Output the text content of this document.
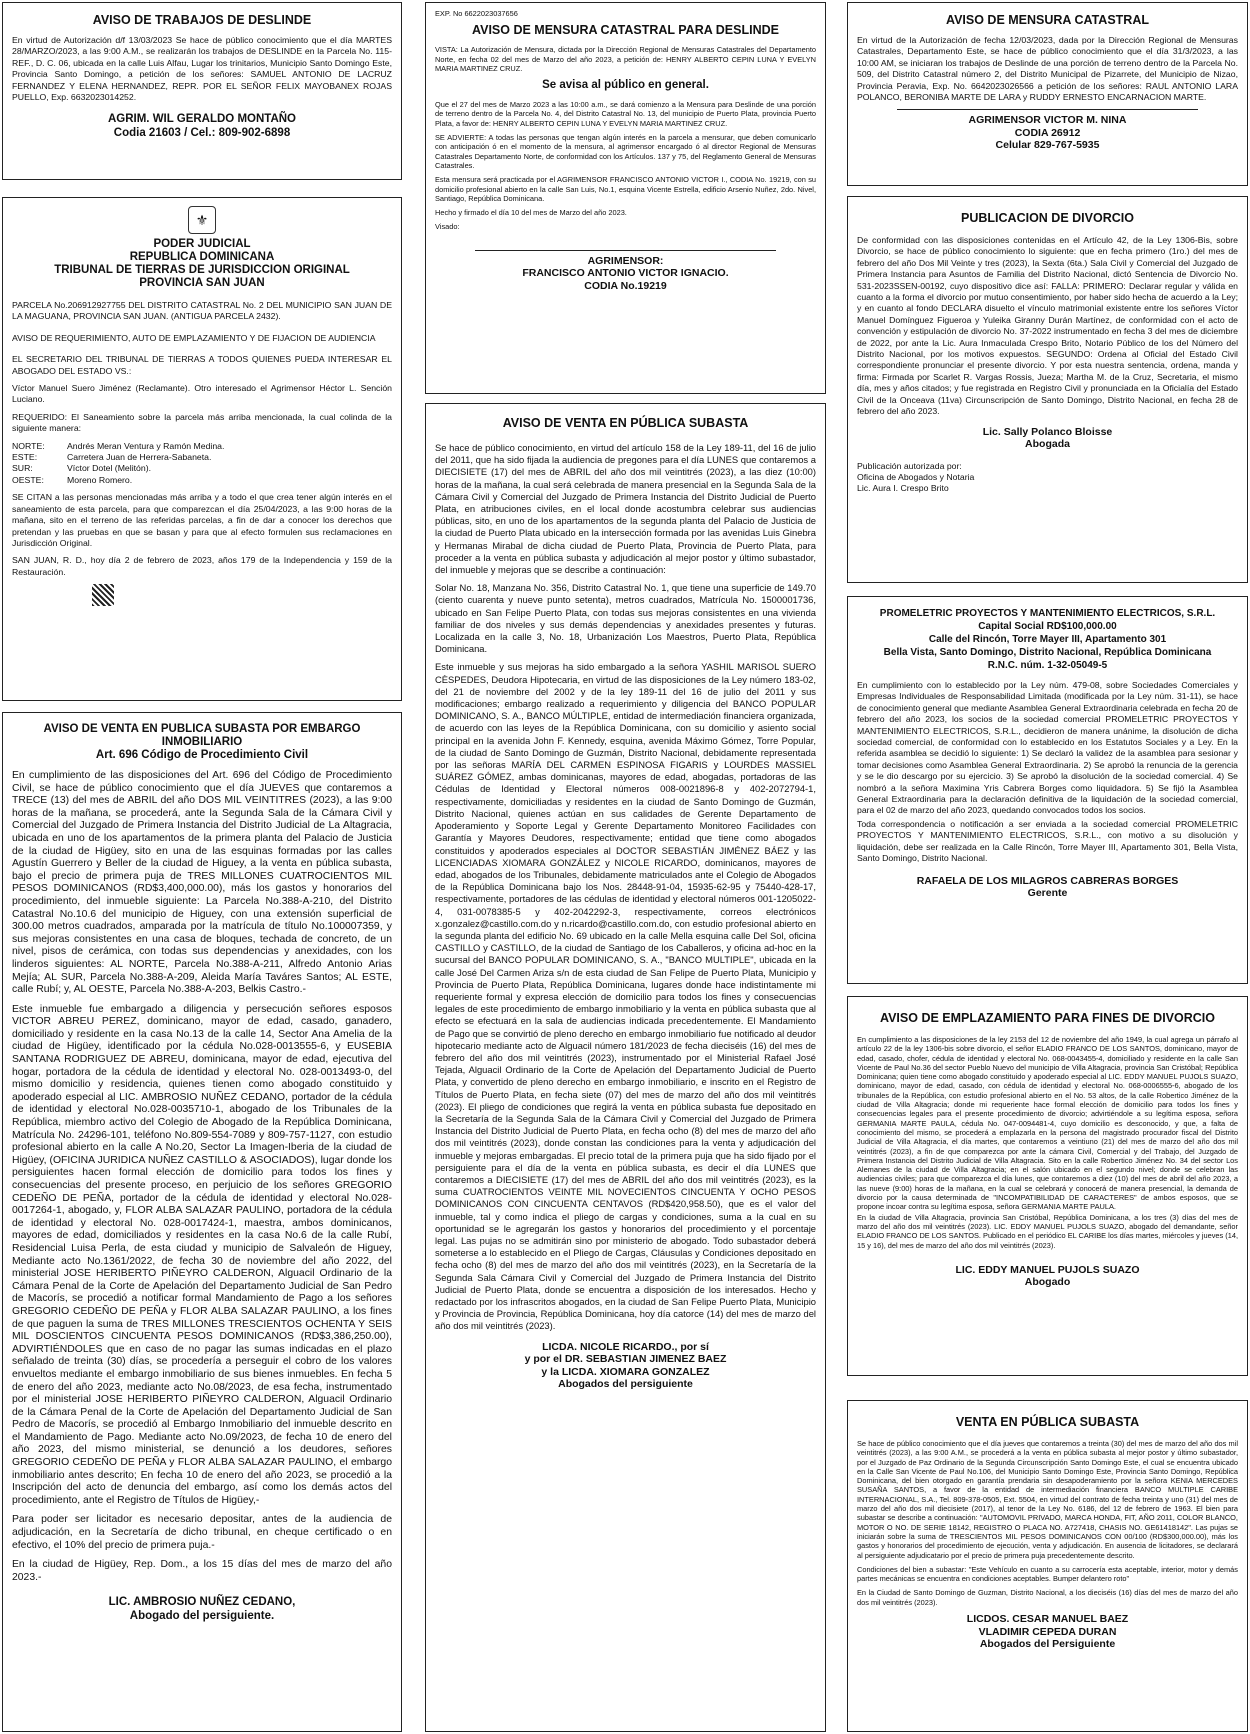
AVISO DE TRABAJOS DE DESLINDE

En virtud de Autorización d/f 13/03/2023 Se hace de público conocimiento que el día MARTES 28/MARZO/2023, a las 9:00 A.M., se realizarán los trabajos de DESLINDE en la Parcela No. 115-REF., D. C. 06, ubicada en la calle Luis Alfau, Lugar los trinitarios, Municipio Santo Domingo Este, Provincia Santo Domingo, a petición de los señores: SAMUEL ANTONIO DE LACRUZ FERNANDEZ Y ELENA HERNANDEZ, REPR. POR EL SEÑOR FELIX MAYOBANEX ROJAS PUELLO, Exp. 6632023014252.

AGRIM. WIL GERALDO MONTAÑO
Codia 21603 / Cel.: 809-902-6898
⚜
PODER JUDICIAL
REPUBLICA DOMINICANA
TRIBUNAL DE TIERRAS DE JURISDICCION ORIGINAL
PROVINCIA SAN JUAN

PARCELA No.206912927755 DEL DISTRITO CATASTRAL No. 2 DEL MUNICIPIO SAN JUAN DE LA MAGUANA, PROVINCIA SAN JUAN. (ANTIGUA PARCELA 2432).

AVISO DE REQUERIMIENTO, AUTO DE EMPLAZAMIENTO Y DE FIJACION DE AUDIENCIA

EL SECRETARIO DEL TRIBUNAL DE TIERRAS A TODOS QUIENES PUEDA INTERESAR EL ABOGADO DEL ESTADO VS.:

Víctor Manuel Suero Jiménez (Reclamante). Otro interesado el Agrimensor Héctor L. Sención Luciano.

REQUERIDO: El Saneamiento sobre la parcela más arriba mencionada, la cual colinda de la siguiente manera:

NORTE:	Andrés Meran Ventura y Ramón Medina.
ESTE:	Carretera Juan de Herrera-Sabaneta.
SUR:	Víctor Dotel (Melitón).
OESTE:	Moreno Romero.

SE CITAN a las personas mencionadas más arriba y a todo el que crea tener algún interés en el saneamiento de esta parcela, para que comparezcan el día 25/04/2023, a las 9:00 horas de la mañana, sito en el terreno de las referidas parcelas, a fin de dar a conocer los derechos que pretendan y las pruebas en que se basan y para que al efecto formulen sus reclamaciones en Jurisdicción Original.

SAN JUAN, R. D., hoy día 2 de febrero de 2023, años 179 de la Independencia y 159 de la Restauración.

AVISO DE VENTA EN PUBLICA SUBASTA POR EMBARGO INMOBILIARIO
Art. 696 Código de Procedimiento Civil

En cumplimiento de las disposiciones del Art. 696 del Código de Procedimiento Civil, se hace de público conocimiento que el día JUEVES que contaremos a TRECE (13) del mes de ABRIL del año DOS MIL VEINTITRES (2023), a las 9:00 horas de la mañana, se procederá, ante la Segunda Sala de la Cámara Civil y Comercial del Juzgado de Primera Instancia del Distrito Judicial de La Altagracia, ubicada en uno de los apartamentos de la primera planta del Palacio de Justicia de la ciudad de Higüey, sito en una de las esquinas formadas por las calles Agustín Guerrero y Beller de la ciudad de Higuey, a la venta en pública subasta, bajo el precio de primera puja de TRES MILLONES CUATROCIENTOS MIL PESOS DOMINICANOS (RD$3,400,000.00), más los gastos y honorarios del procedimiento, del inmueble siguiente: La Parcela No.388-A-210, del Distrito Catastral No.10.6 del municipio de Higuey, con una extensión superficial de 300.00 metros cuadrados, amparada por la matrícula de título No.100007359, y sus mejoras consistentes en una casa de bloques, techada de concreto, de un nivel, pisos de cerámica, con todas sus dependencias y anexidades, con los linderos siguientes: AL NORTE, Parcela No.388-A-211, Alfredo Antonio Arias Mejía; AL SUR, Parcela No.388-A-209, Aleida María Taváres Santos; AL ESTE, calle Rubí; y, AL OESTE, Parcela No.388-A-203, Belkis Castro.-

Este inmueble fue embargado a diligencia y persecución señores esposos VICTOR ABREU PEREZ, dominicano, mayor de edad, casado, ganadero, domiciliado y residente en la casa No.13 de la calle 14, Sector Ana Amelia de la ciudad de Higüey, identificado por la cédula No.028-0013555-6, y EUSEBIA SANTANA RODRIGUEZ DE ABREU, dominicana, mayor de edad, ejecutiva del hogar, portadora de la cédula de identidad y electoral No. 028-0013493-0, del mismo domicilio y residencia, quienes tienen como abogado constituido y apoderado especial al LIC. AMBROSIO NUÑEZ CEDANO, portador de la cédula de identidad y electoral No.028-0035710-1, abogado de los Tribunales de la República, miembro activo del Colegio de Abogado de la República Dominicana, Matrícula No. 24296-101, teléfono No.809-554-7089 y 809-757-1127, con estudio profesional abierto en la calle A No.20, Sector La Imagen-Iberia de la ciudad de Higüey, (OFICINA JURIDICA NUÑEZ CASTILLO & ASOCIADOS), lugar donde los persiguientes hacen formal elección de domicilio para todos los fines y consecuencias del presente proceso, en perjuicio de los señores GREGORIO CEDEÑO DE PEÑA, portador de la cédula de identidad y electoral No.028-0017264-1, abogado, y, FLOR ALBA SALAZAR PAULINO, portadora de la cédula de identidad y electoral No. 028-0017424-1, maestra, ambos dominicanos, mayores de edad, domiciliados y residentes en la casa No.6 de la calle Rubí, Residencial Luisa Perla, de esta ciudad y municipio de Salvaleón de Higuey, Mediante acto No.1361/2022, de fecha 30 de noviembre del año 2022, del ministerial JOSE HERIBERTO PIÑEYRO CALDERON, Alguacil Ordinario de la Cámara Penal de la Corte de Apelación del Departamento Judicial de San Pedro de Macorís, se procedió a notificar formal Mandamiento de Pago a los señores GREGORIO CEDEÑO DE PEÑA y FLOR ALBA SALAZAR PAULINO, a los fines de que paguen la suma de TRES MILLONES TRESCIENTOS OCHENTA Y SEIS MIL DOSCIENTOS CINCUENTA PESOS DOMINICANOS (RD$3,386,250.00), ADVIRTIÉNDOLES que en caso de no pagar las sumas indicadas en el plazo señalado de treinta (30) días, se procedería a perseguir el cobro de los valores envueltos mediante el embargo inmobiliario de sus bienes inmuebles. En fecha 5 de enero del año 2023, mediante acto No.08/2023, de esa fecha, instrumentado por el ministerial JOSE HERIBERTO PIÑEYRO CALDERON, Alguacil Ordinario de la Cámara Penal de la Corte de Apelación del Departamento Judicial de San Pedro de Macorís, se procedió al Embargo Inmobiliario del inmueble descrito en el Mandamiento de Pago. Mediante acto No.09/2023, de fecha 10 de enero del año 2023, del mismo ministerial, se denunció a los deudores, señores GREGORIO CEDEÑO DE PEÑA y FLOR ALBA SALAZAR PAULINO, el embargo inmobiliario antes descrito; En fecha 10 de enero del año 2023, se procedió a la Inscripción del acto de denuncia del embargo, así como los demás actos del procedimiento, ante el Registro de Títulos de Higüey,-

Para poder ser licitador es necesario depositar, antes de la audiencia de adjudicación, en la Secretaría de dicho tribunal, en cheque certificado o en efectivo, el 10% del precio de primera puja.-

En la ciudad de Higüey, Rep. Dom., a los 15 días del mes de marzo del año 2023.-

LIC. AMBROSIO NUÑEZ CEDANO,
Abogado del persiguiente.
EXP. No 6622023037656
AVISO DE MENSURA CATASTRAL PARA DESLINDE

VISTA: La Autorización de Mensura, dictada por la Dirección Regional de Mensuras Catastrales del Departamento Norte, en fecha 02 del mes de Marzo del año 2023, a petición de: HENRY ALBERTO CEPIN LUNA Y EVELYN MARIA MARTINEZ CRUZ.

Se avisa al público en general.

Que el 27 del mes de Marzo 2023 a las 10:00 a.m., se dará comienzo a la Mensura para Deslinde de una porción de terreno dentro de la Parcela No. 4, del Distrito Catastral No. 13, del municipio de Puerto Plata, provincia Puerto Plata, a favor de: HENRY ALBERTO CEPIN LUNA Y EVELYN MARIA MARTINEZ CRUZ.

SE ADVIERTE: A todas las personas que tengan algún interés en la parcela a mensurar, que deben comunicarlo con anticipación ó en el momento de la mensura, al agrimensor encargado ó al director Regional de Mensuras Catastrales Departamento Norte, de conformidad con los Artículos. 137 y 75, del Reglamento General de Mensuras Catastrales.

Esta mensura será practicada por el AGRIMENSOR FRANCISCO ANTONIO VICTOR I., CODIA No. 19219, con su domicilio profesional abierto en la calle San Luis, No.1, esquina Vicente Estrella, edificio Arsenio Nuñez, 2do. Nivel, Santiago, República Dominicana.

Hecho y firmado el día 10 del mes de Marzo del año 2023.

Visado:

AGRIMENSOR:
FRANCISCO ANTONIO VICTOR IGNACIO.
CODIA No.19219
AVISO DE VENTA EN PÚBLICA SUBASTA

Se hace de público conocimiento, en virtud del artículo 158 de la Ley 189-11, del 16 de julio del 2011, que ha sido fijada la audiencia de pregones para el día LUNES que contaremos a DIECISIETE (17) del mes de ABRIL del año dos mil veintitrés (2023), a las diez (10:00) horas de la mañana, la cual será celebrada de manera presencial en la Segunda Sala de la Cámara Civil y Comercial del Juzgado de Primera Instancia del Distrito Judicial de Puerto Plata, en atribuciones civiles, en el local donde acostumbra celebrar sus audiencias públicas, sito, en uno de los apartamentos de la segunda planta del Palacio de Justicia de la ciudad de Puerto Plata ubicado en la intersección formada por las avenidas Luis Ginebra y Hermanas Mirabal de dicha ciudad de Puerto Plata, Provincia de Puerto Plata, para proceder a la venta en pública subasta y adjudicación al mejor postor y último subastador, del inmueble y mejoras que se describe a continuación:

Solar No. 18, Manzana No. 356, Distrito Catastral No. 1, que tiene una superficie de 149.70 (ciento cuarenta y nueve punto setenta), metros cuadrados, Matrícula No. 1500001736, ubicado en San Felipe Puerto Plata, con todas sus mejoras consistentes en una vivienda familiar de dos niveles y sus demás dependencias y anexidades presentes y futuras. Localizada en la calle 3, No. 18, Urbanización Los Maestros, Puerto Plata, República Dominicana.

Este inmueble y sus mejoras ha sido embargado a la señora YASHIL MARISOL SUERO CÈSPEDES, Deudora Hipotecaria, en virtud de las disposiciones de la Ley número 183-02, del 21 de noviembre del 2002 y de la ley 189-11 del 16 de julio del 2011 y sus modificaciones; embargo realizado a requerimiento y diligencia del BANCO POPULAR DOMINICANO, S. A., BANCO MÚLTIPLE, entidad de intermediación financiera organizada, de acuerdo con las leyes de la República Dominicana, con su domicilio y asiento social principal en la avenida John F. Kennedy, esquina, avenida Máximo Gómez, Torre Popular, de la ciudad de Santo Domingo de Guzmán, Distrito Nacional, debidamente representada por las señoras MARÍA DEL CARMEN ESPINOSA FIGARIS y LOURDES MASSIEL SUÁREZ GÓMEZ, ambas dominicanas, mayores de edad, abogadas, portadoras de las Cédulas de Identidad y Electoral números 008-0021896-8 y 402-2072794-1, respectivamente, domiciliadas y residentes en la ciudad de Santo Domingo de Guzmán, Distrito Nacional, quienes actúan en sus calidades de Gerente Departamento de Apoderamiento y Soporte Legal y Gerente Departamento Monitoreo Facilidades con Garantía y Mayores Deudores, respectivamente; entidad que tiene como abogados constituidos y apoderados especiales al DOCTOR SEBASTIÁN JIMÉNEZ BÁEZ y las LICENCIADAS XIOMARA GONZÁLEZ y NICOLE RICARDO, dominicanos, mayores de edad, abogados de los Tribunales, debidamente matriculados ante el Colegio de Abogados de la República Dominicana bajo los Nos. 28448-91-04, 15935-62-95 y 75440-428-17, respectivamente, portadores de las cédulas de identidad y electoral números 001-1205022-4, 031-0078385-5 y 402-2042292-3, respectivamente, correos electrónicos x.gonzalez@castillo.com.do y n.ricardo@castillo.com.do, con estudio profesional abierto en la segunda planta del edificio No. 69 ubicado en la calle Mella esquina calle Del Sol, oficina CASTILLO y CASTILLO, de la ciudad de Santiago de los Caballeros, y oficina ad-hoc en la sucursal del BANCO POPULAR DOMINICANO, S. A., "BANCO MULTIPLE", ubicada en la calle José Del Carmen Ariza s/n de esta ciudad de San Felipe de Puerto Plata, Municipio y Provincia de Puerto Plata, República Dominicana, lugares donde hace indistintamente mi requeriente formal y expresa elección de domicilio para todos los fines y consecuencias legales de este procedimiento de embargo inmobiliario y la venta en pública subasta que al efecto se efectuará en la sala de audiencias indicada precedentemente. El Mandamiento de Pago que se convirtió de pleno derecho en embargo inmobiliario fue notificado al deudor hipotecario mediante acto de Alguacil número 181/2023 de fecha dieciséis (16) del mes de febrero del año dos mil veintitrés (2023), instrumentado por el Ministerial Rafael José Tejada, Alguacil Ordinario de la Corte de Apelación del Departamento Judicial de Puerto Plata, y convertido de pleno derecho en embargo inmobiliario, e inscrito en el Registro de Títulos de Puerto Plata, en fecha siete (07) del mes de marzo del año dos mil veintitrés (2023). El pliego de condiciones que regirá la venta en pública subasta fue depositado en la Secretaría de la Segunda Sala de la Cámara Civil y Comercial del Juzgado de Primera Instancia del Distrito Judicial de Puerto Plata, en fecha ocho (8) del mes de marzo del año dos mil veintitrés (2023), donde constan las condiciones para la venta y adjudicación del inmueble y mejoras embargadas. El precio total de la primera puja que ha sido fijado por el persiguiente para el día de la venta en pública subasta, es decir el día LUNES que contaremos a DIECISIETE (17) del mes de ABRIL del año dos mil veintitrés (2023), es la suma CUATROCIENTOS VEINTE MIL NOVECIENTOS CINCUENTA Y OCHO PESOS DOMINICANOS CON CINCUENTA CENTAVOS (RD$420,958.50), que es el valor del inmueble, tal y como indica el pliego de cargas y condiciones, suma a la cual en su oportunidad se le agregarán los gastos y honorarios del procedimiento y el porcentaje legal. Las pujas no se admitirán sino por ministerio de abogado. Todo subastador deberá someterse a lo establecido en el Pliego de Cargas, Cláusulas y Condiciones depositado en fecha ocho (8) del mes de marzo del año dos mil veintitrés (2023), en la Secretaría de la Segunda Sala Cámara Civil y Comercial del Juzgado de Primera Instancia del Distrito Judicial de Puerto Plata, donde se encuentra a disposición de los interesados. Hecho y redactado por los infrascritos abogados, en la ciudad de San Felipe Puerto Plata, Municipio y Provincia de Provincia, República Dominicana, hoy día catorce (14) del mes de marzo del año dos mil veintitrés (2023).

LICDA. NICOLE RICARDO., por sí
y por el DR. SEBASTIAN JIMENEZ BAEZ
y la LICDA. XIOMARA GONZALEZ
Abogados del persiguiente
AVISO DE MENSURA CATASTRAL

En virtud de la Autorización de fecha 12/03/2023, dada por la Dirección Regional de Mensuras Catastrales, Departamento Este, se hace de público conocimiento que el día 31/3/2023, a las 10:00 AM, se iniciaran los trabajos de Deslinde de una porción de terreno dentro de la Parcela No. 509, del Distrito Catastral número 2, del Distrito Municipal de Pizarrete, del Municipio de Nizao, Provincia Peravia, Exp. No. 6642023026566 a petición de los señores: RAUL ANTONIO LARA POLANCO, BERONIBA MARTE DE LARA y RUDDY ERNESTO ENCARNACION MARTE.

AGRIMENSOR VICTOR M. NINA
CODIA 26912
Celular 829-767-5935
PUBLICACION DE DIVORCIO

De conformidad con las disposiciones contenidas en el Artículo 42, de la Ley 1306-Bis, sobre Divorcio, se hace de público conocimiento lo siguiente: que en fecha primero (1ro.) del mes de febrero del año Dos Mil Veinte y tres (2023), la Sexta (6ta.) Sala Civil y Comercial del Juzgado de Primera Instancia para Asuntos de Familia del Distrito Nacional, dictó Sentencia de Divorcio No. 531-2023SSEN-00192, cuyo dispositivo dice así: FALLA: PRIMERO: Declarar regular y válida en cuanto a la forma el divorcio por mutuo consentimiento, por haber sido hecha de acuerdo a la Ley; y en cuanto al fondo DECLARA disuelto el vínculo matrimonial existente entre los señores Víctor Manuel Domínguez Figueroa y Yuleika Giranny Durán Martínez, de conformidad con el acto de convención y estipulación de divorcio No. 37-2022 instrumentado en fecha 3 del mes de diciembre de 2022, por ante la Lic. Aura Inmaculada Crespo Brito, Notario Público de los del Número del Distrito Nacional, por los motivos expuestos. SEGUNDO: Ordena al Oficial del Estado Civil correspondiente pronunciar el presente divorcio. Y por esta nuestra sentencia, ordena, manda y firma: Firmada por Scarlet R. Vargas Rossis, Jueza; Martha M. de la Cruz, Secretaria, el mismo día, mes y años citados; y fue registrada en Registro Civil y pronunciada en la Oficialía del Estado Civil de la Onceava (11va) Circunscripción de Santo Domingo, Distrito Nacional, en fecha 28 de febrero del año 2023.

Lic. Sally Polanco Bloisse
Abogada
Publicación autorizada por:
Oficina de Abogados y Notaria
Lic. Aura I. Crespo Brito
PROMELETRIC PROYECTOS Y MANTENIMIENTO ELECTRICOS, S.R.L.
Capital Social RD$100,000.00
Calle del Rincón, Torre Mayer III, Apartamento 301
Bella Vista, Santo Domingo, Distrito Nacional, República Dominicana
R.N.C. núm. 1-32-05049-5

En cumplimiento con lo establecido por la Ley núm. 479-08, sobre Sociedades Comerciales y Empresas Individuales de Responsabilidad Limitada (modificada por la Ley núm. 31-11), se hace de conocimiento general que mediante Asamblea General Extraordinaria celebrada en fecha 20 de febrero del año 2023, los socios de la sociedad comercial PROMELETRIC PROYECTOS Y MANTENIMIENTO ELECTRICOS, S.R.L., decidieron de manera unánime, la disolución de dicha sociedad comercial, de conformidad con lo establecido en los Estatutos Sociales y a Ley. En la referida asamblea se decidió lo siguiente: 1) Se declaró la validez de la asamblea para sesionar y tomar decisiones como Asamblea General Extraordinaria. 2) Se aprobó la renuncia de la gerencia y se le dio descargo por su ejercicio. 3) Se aprobó la disolución de la sociedad comercial. 4) Se nombró a la señora Maximina Yris Cabrera Borges como liquidadora. 5) Se fijó la Asamblea General Extraordinaria para la declaración definitiva de la liquidación de la sociedad comercial, para el 02 de marzo del año 2023, quedando convocados todos los socios.

Toda correspondencia o notificación a ser enviada a la sociedad comercial PROMELETRIC PROYECTOS Y MANTENIMIENTO ELECTRICOS, S.R.L., con motivo a su disolución y liquidación, debe ser realizada en la Calle Rincón, Torre Mayer III, Apartamento 301, Bella Vista, Santo Domingo, Distrito Nacional.

RAFAELA DE LOS MILAGROS CABRERAS BORGES
Gerente
AVISO DE EMPLAZAMIENTO PARA FINES DE DIVORCIO

En cumplimiento a las disposiciones de la ley 2153 del 12 de noviembre del año 1949, la cual agrega un párrafo al artículo 22 de la ley 1306-bis sobre divorcio, el señor ELADIO FRANCO DE LOS SANTOS, dominicano, mayor de edad, casado, chofer, cédula de identidad y electoral No. 068-0043455-4, domiciliado y residente en la calle San Vicente de Paul No.36 del sector Pueblo Nuevo del municipio de Villa Altagracia, provincia San Cristóbal; República Dominicana; quien tiene como abogado constituido y apoderado especial al LIC. EDDY MANUEL PUJOLS SUAZO, dominicano, mayor de edad, casado, con cédula de identidad y electoral No. 068-0006555-6, abogado de los tribunales de la República, con estudio profesional abierto en el No. 53 altos, de la calle Robertico Jiménez de la ciudad de Villa Altagracia; donde mi requeriente hace formal elección de domicilio para todos los fines y consecuencias legales para el presente procedimiento de divorcio; advirtiéndole a su legítima esposa, señora GERMANIA MARTE PAULA, cédula No. 047-0094481-4, cuyo domicilio es desconocido, y que, a falta de conocimiento del mismo, se procederá a emplazarla en la persona del magistrado procurador fiscal del Distrito Judicial de Villa Altagracia, el día martes, que contaremos a veintiuno (21) del mes de marzo del año dos mil veintitrés (2023), a fin de que comparezca por ante la cámara Civil, Comercial y del Trabajo, del Juzgado de Primera Instancia del Distrito Judicial de Villa Altagracia. Sito en la calle Robertico Jiménez No. 34 del sector Los Alemanes de la ciudad de Villa Altagracia; en el salón ubicado en el segundo nivel; donde se celebran las audiencias civiles; para que comparezca el día lunes, que contaremos a diez (10) del mes de abril del año 2023, a las nueve (9:00) horas de la mañana, en la cual se celebrará y conocerá de manera presencial, la demanda de divorcio por la causa determinada de "INCOMPATIBILIDAD DE CARACTERES" de ambos esposos, que se propone incoar contra su legítima esposa, señora GERMANIA MARTE PAULA.

En la ciudad de Villa Altagracia, provincia San Cristóbal, República Dominicana, a los tres (3) días del mes de marzo del año dos mil veintitrés (2023). LIC. EDDY MANUEL PUJOLS SUAZO, abogado del demandante, señor ELADIO FRANCO DE LOS SANTOS. Publicado en el periódico EL CARIBE los días martes, miércoles y jueves (14, 15 y 16), del mes de marzo del año dos mil veintitrés (2023).

LIC. EDDY MANUEL PUJOLS SUAZO
Abogado
VENTA EN PÚBLICA SUBASTA

Se hace de público conocimiento que el día jueves que contaremos a treinta (30) del mes de marzo del año dos mil veintitrés (2023), a las 9:00 A.M., se procederá a la venta en pública subasta al mejor postor y último subastador, por el Juzgado de Paz Ordinario de la Segunda Circunscripción Santo Domingo Este, el cual se encuentra ubicado en la Calle San Vicente de Paul No.106, del Municipio Santo Domingo Este, Provincia Santo Domingo, República Dominicana, del bien otorgado en garantía prendaria sin desapoderamiento por la señora KENIA MERCEDES SUSAÑA SANTOS, a favor de la entidad de intermediación financiera BANCO MULTIPLE CARIBE INTERNACIONAL, S.A., Tel. 809-378-0505, Ext. 5504, en virtud del contrato de fecha treinta y uno (31) del mes de marzo del año dos mil diecisiete (2017), al tenor de la Ley No. 6186, del 12 de febrero de 1963. El bien para subastar se describe a continuación: "AUTOMOVIL PRIVADO, MARCA HONDA, FIT, AÑO 2011, COLOR BLANCO, MOTOR O NO. DE SERIE 18142, REGISTRO O PLACA NO. A727418, CHASIS NO. GE61418142". Las pujas se iniciarán sobre la suma de TRESCIENTOS MIL PESOS DOMINICANOS CON 00/100 (RD$300,000.00), más los gastos y honorarios del procedimiento de ejecución, venta y adjudicación. En ausencia de licitadores, se declarará al persiguiente adjudicatario por el precio de primera puja precedentemente descrito.

Condiciones del bien a subastar: "Este Vehículo en cuanto a su carrocería esta aceptable, interior, motor y demás partes mecánicas se encuentra en condiciones aceptables. Bumper delantero roto"

En la Ciudad de Santo Domingo de Guzman, Distrito Nacional, a los dieciséis (16) días del mes de marzo del año dos mil veintitrés (2023).

LICDOS. CESAR MANUEL BAEZ
VLADIMIR CEPEDA DURAN
Abogados del Persiguiente
